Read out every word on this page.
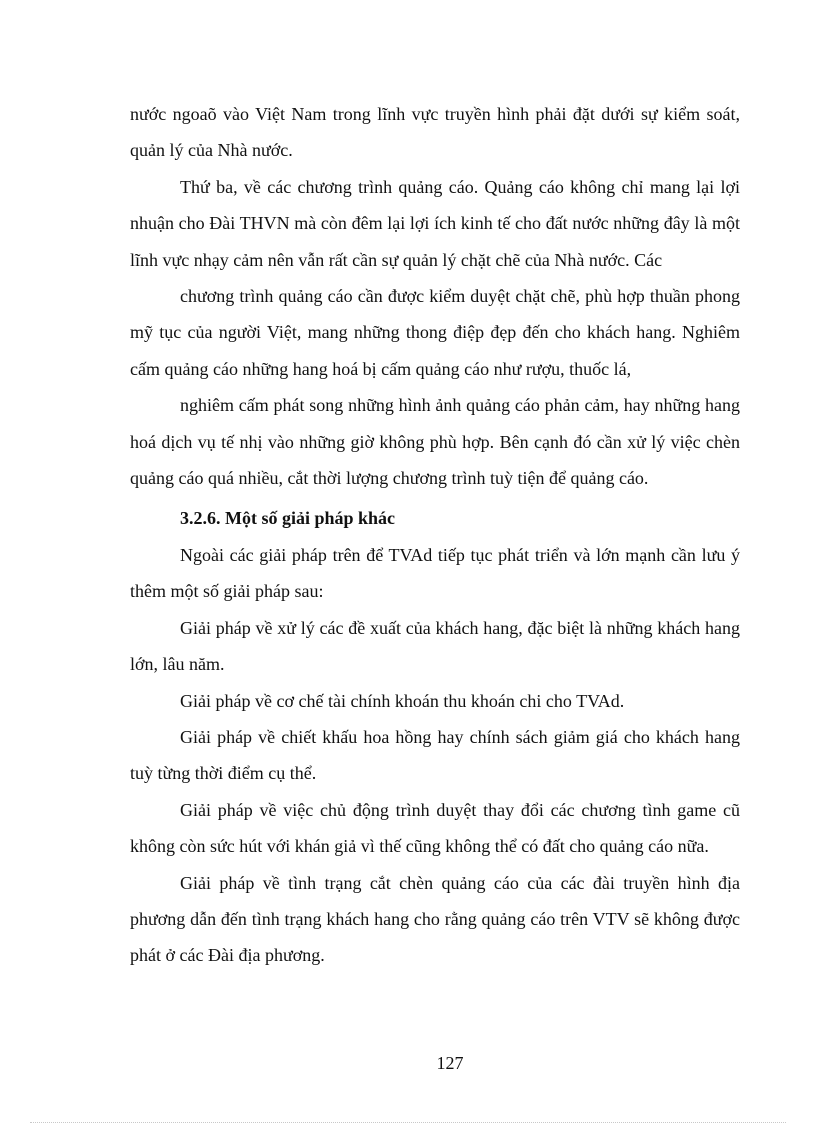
nước ngoaõ vào Việt Nam trong lĩnh vực truyền hình phải đặt dưới sự kiểm soát, quản lý của Nhà nước.

Thứ ba, về các chương trình quảng cáo. Quảng cáo không chỉ mang lại lợi nhuận cho Đài THVN mà còn đêm lại lợi ích kinh tế cho đất nước những đây là một lĩnh vực nhạy cảm nên vẫn rất cần sự quản lý chặt chẽ của Nhà nước. Các

chương trình quảng cáo cần được kiểm duyệt chặt chẽ, phù hợp thuần phong mỹ tục của người Việt, mang những thong điệp đẹp đến cho khách hang. Nghiêm cấm quảng cáo những hang hoá bị cấm quảng cáo như rượu, thuốc lá,

nghiêm cấm phát song những hình ảnh quảng cáo phản cảm, hay những hang hoá dịch vụ tế nhị vào những giờ không phù hợp. Bên cạnh đó cần xử lý việc chèn quảng cáo quá nhiều, cắt thời lượng chương trình tuỳ tiện để quảng cáo.

3.2.6. Một số giải pháp khác

Ngoài các giải pháp trên để TVAd tiếp tục phát triển và lớn mạnh cần lưu ý thêm một số giải pháp sau:

Giải pháp về xử lý các đề xuất của khách hang, đặc biệt là những khách hang lớn, lâu năm.

Giải pháp về cơ chế tài chính khoán thu khoán chi cho TVAd.

Giải pháp về chiết khấu hoa hồng hay chính sách giảm giá cho khách hang tuỳ từng thời điểm cụ thể.

Giải pháp về việc chủ động trình duyệt thay đổi các chương tình game cũ không còn sức hút với khán giả vì thế cũng không thể có đất cho quảng cáo nữa.

Giải pháp về tình trạng cắt chèn quảng cáo của các đài truyền hình địa phương dẫn đến tình trạng khách hang cho rằng quảng cáo trên VTV sẽ không được phát ở các Đài địa phương.

127
